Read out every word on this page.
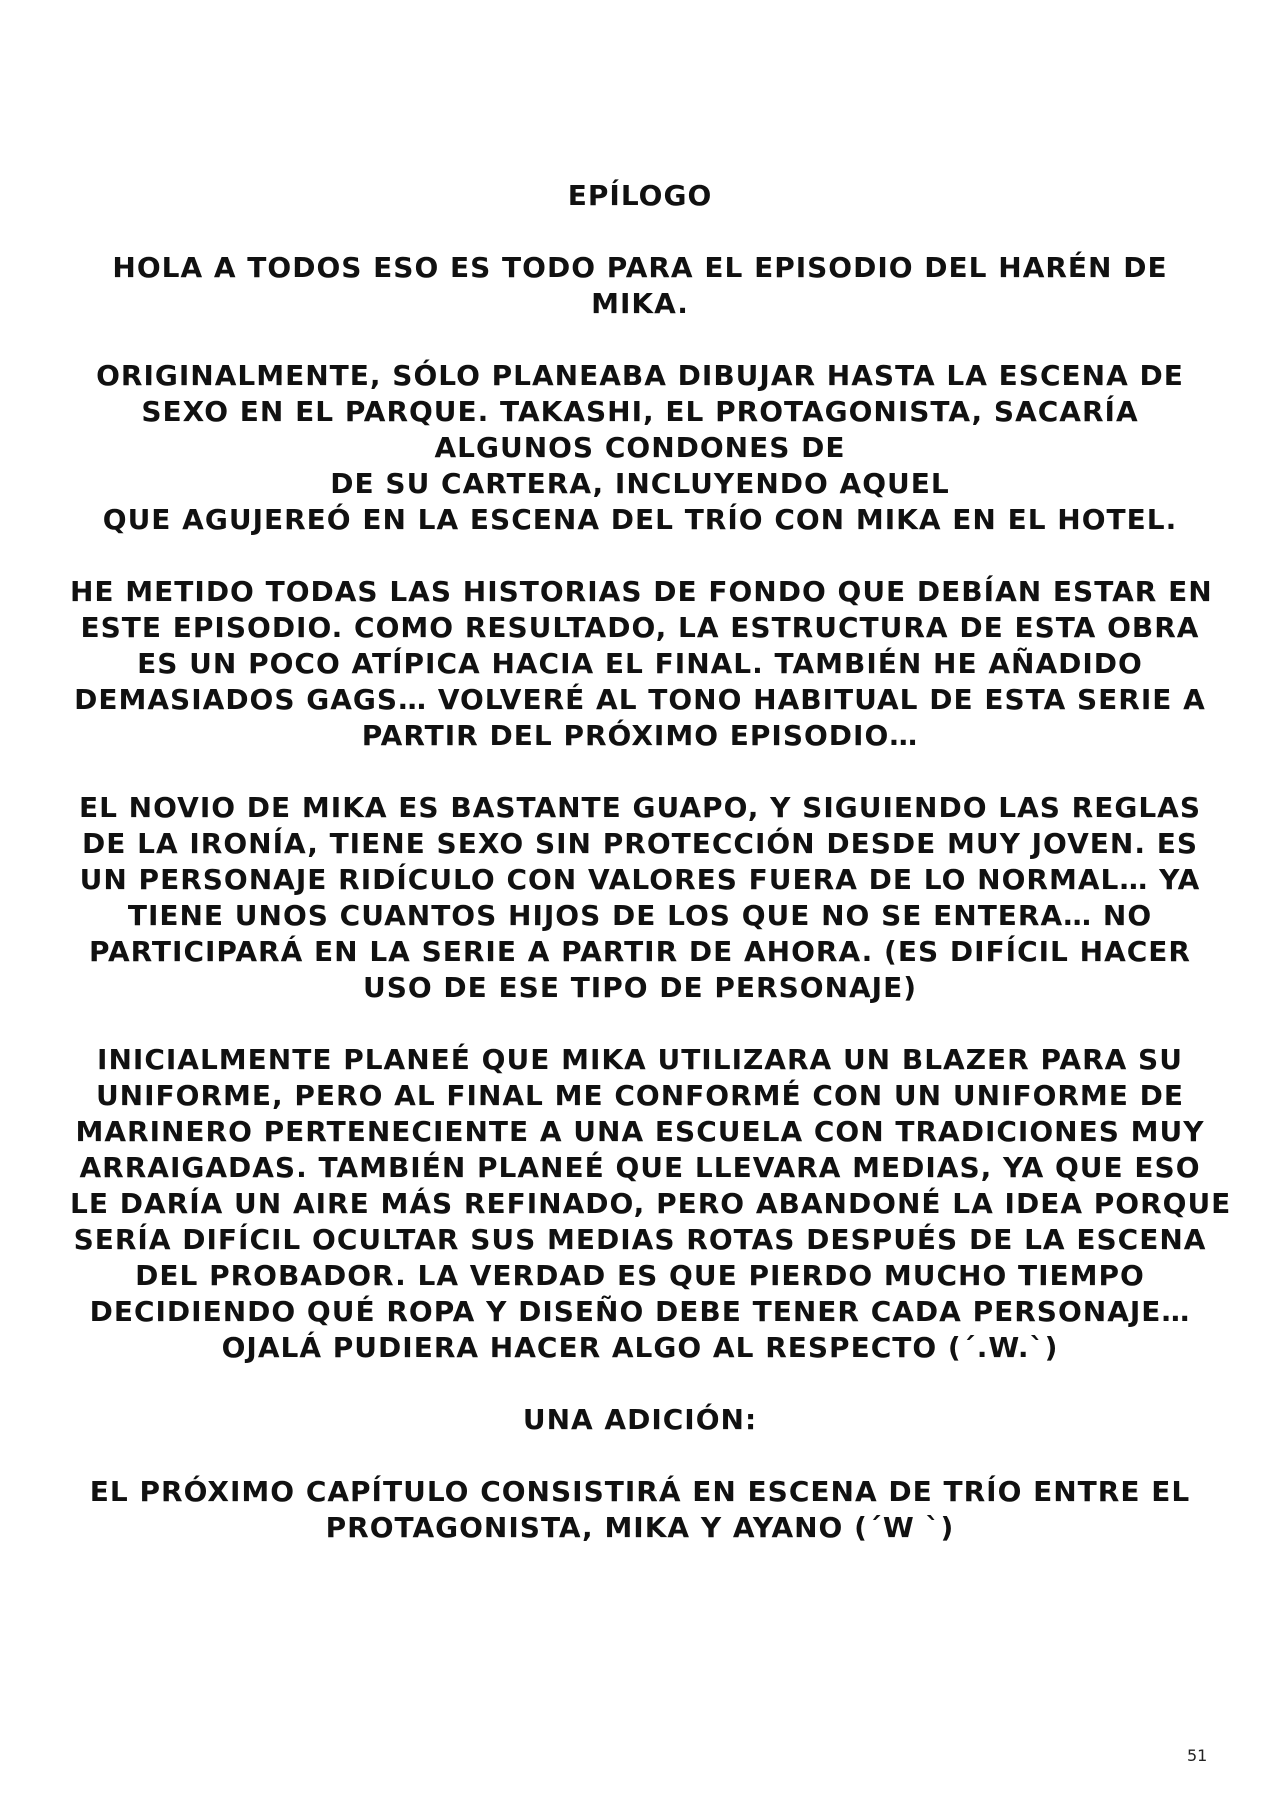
EPÍLOGO
HOLA A TODOS ESO ES TODO PARA EL EPISODIO DEL HARÉN DE
MIKA.
ORIGINALMENTE, SÓLO PLANEABA DIBUJAR HASTA LA ESCENA DE
SEXO EN EL PARQUE. TAKASHI, EL PROTAGONISTA, SACARÍA
ALGUNOS CONDONES DE
DE SU CARTERA, INCLUYENDO AQUEL
QUE AGUJEREÓ EN LA ESCENA DEL TRÍO CON MIKA EN EL HOTEL.
HE METIDO TODAS LAS HISTORIAS DE FONDO QUE DEBÍAN ESTAR EN
ESTE EPISODIO. COMO RESULTADO, LA ESTRUCTURA DE ESTA OBRA
ES UN POCO ATÍPICA HACIA EL FINAL. TAMBIÉN HE AÑADIDO
DEMASIADOS GAGS… VOLVERÉ AL TONO HABITUAL DE ESTA SERIE A
PARTIR DEL PRÓXIMO EPISODIO…
EL NOVIO DE MIKA ES BASTANTE GUAPO, Y SIGUIENDO LAS REGLAS
DE LA IRONÍA, TIENE SEXO SIN PROTECCIÓN DESDE MUY JOVEN. ES
UN PERSONAJE RIDÍCULO CON VALORES FUERA DE LO NORMAL… YA
TIENE UNOS CUANTOS HIJOS DE LOS QUE NO SE ENTERA… NO
PARTICIPARÁ EN LA SERIE A PARTIR DE AHORA. (ES DIFÍCIL HACER
USO DE ESE TIPO DE PERSONAJE)
INICIALMENTE PLANEÉ QUE MIKA UTILIZARA UN BLAZER PARA SU
UNIFORME, PERO AL FINAL ME CONFORMÉ CON UN UNIFORME DE
MARINERO PERTENECIENTE A UNA ESCUELA CON TRADICIONES MUY
ARRAIGADAS. TAMBIÉN PLANEÉ QUE LLEVARA MEDIAS, YA QUE ESO
LE DARÍA UN AIRE MÁS REFINADO, PERO ABANDONÉ LA IDEA PORQUE
SERÍA DIFÍCIL OCULTAR SUS MEDIAS ROTAS DESPUÉS DE LA ESCENA
DEL PROBADOR. LA VERDAD ES QUE PIERDO MUCHO TIEMPO
DECIDIENDO QUÉ ROPA Y DISEÑO DEBE TENER CADA PERSONAJE…
OJALÁ PUDIERA HACER ALGO AL RESPECTO (´.W.`)
UNA ADICIÓN:
EL PRÓXIMO CAPÍTULO CONSISTIRÁ EN ESCENA DE TRÍO ENTRE EL
PROTAGONISTA, MIKA Y AYANO (´W `)
51
